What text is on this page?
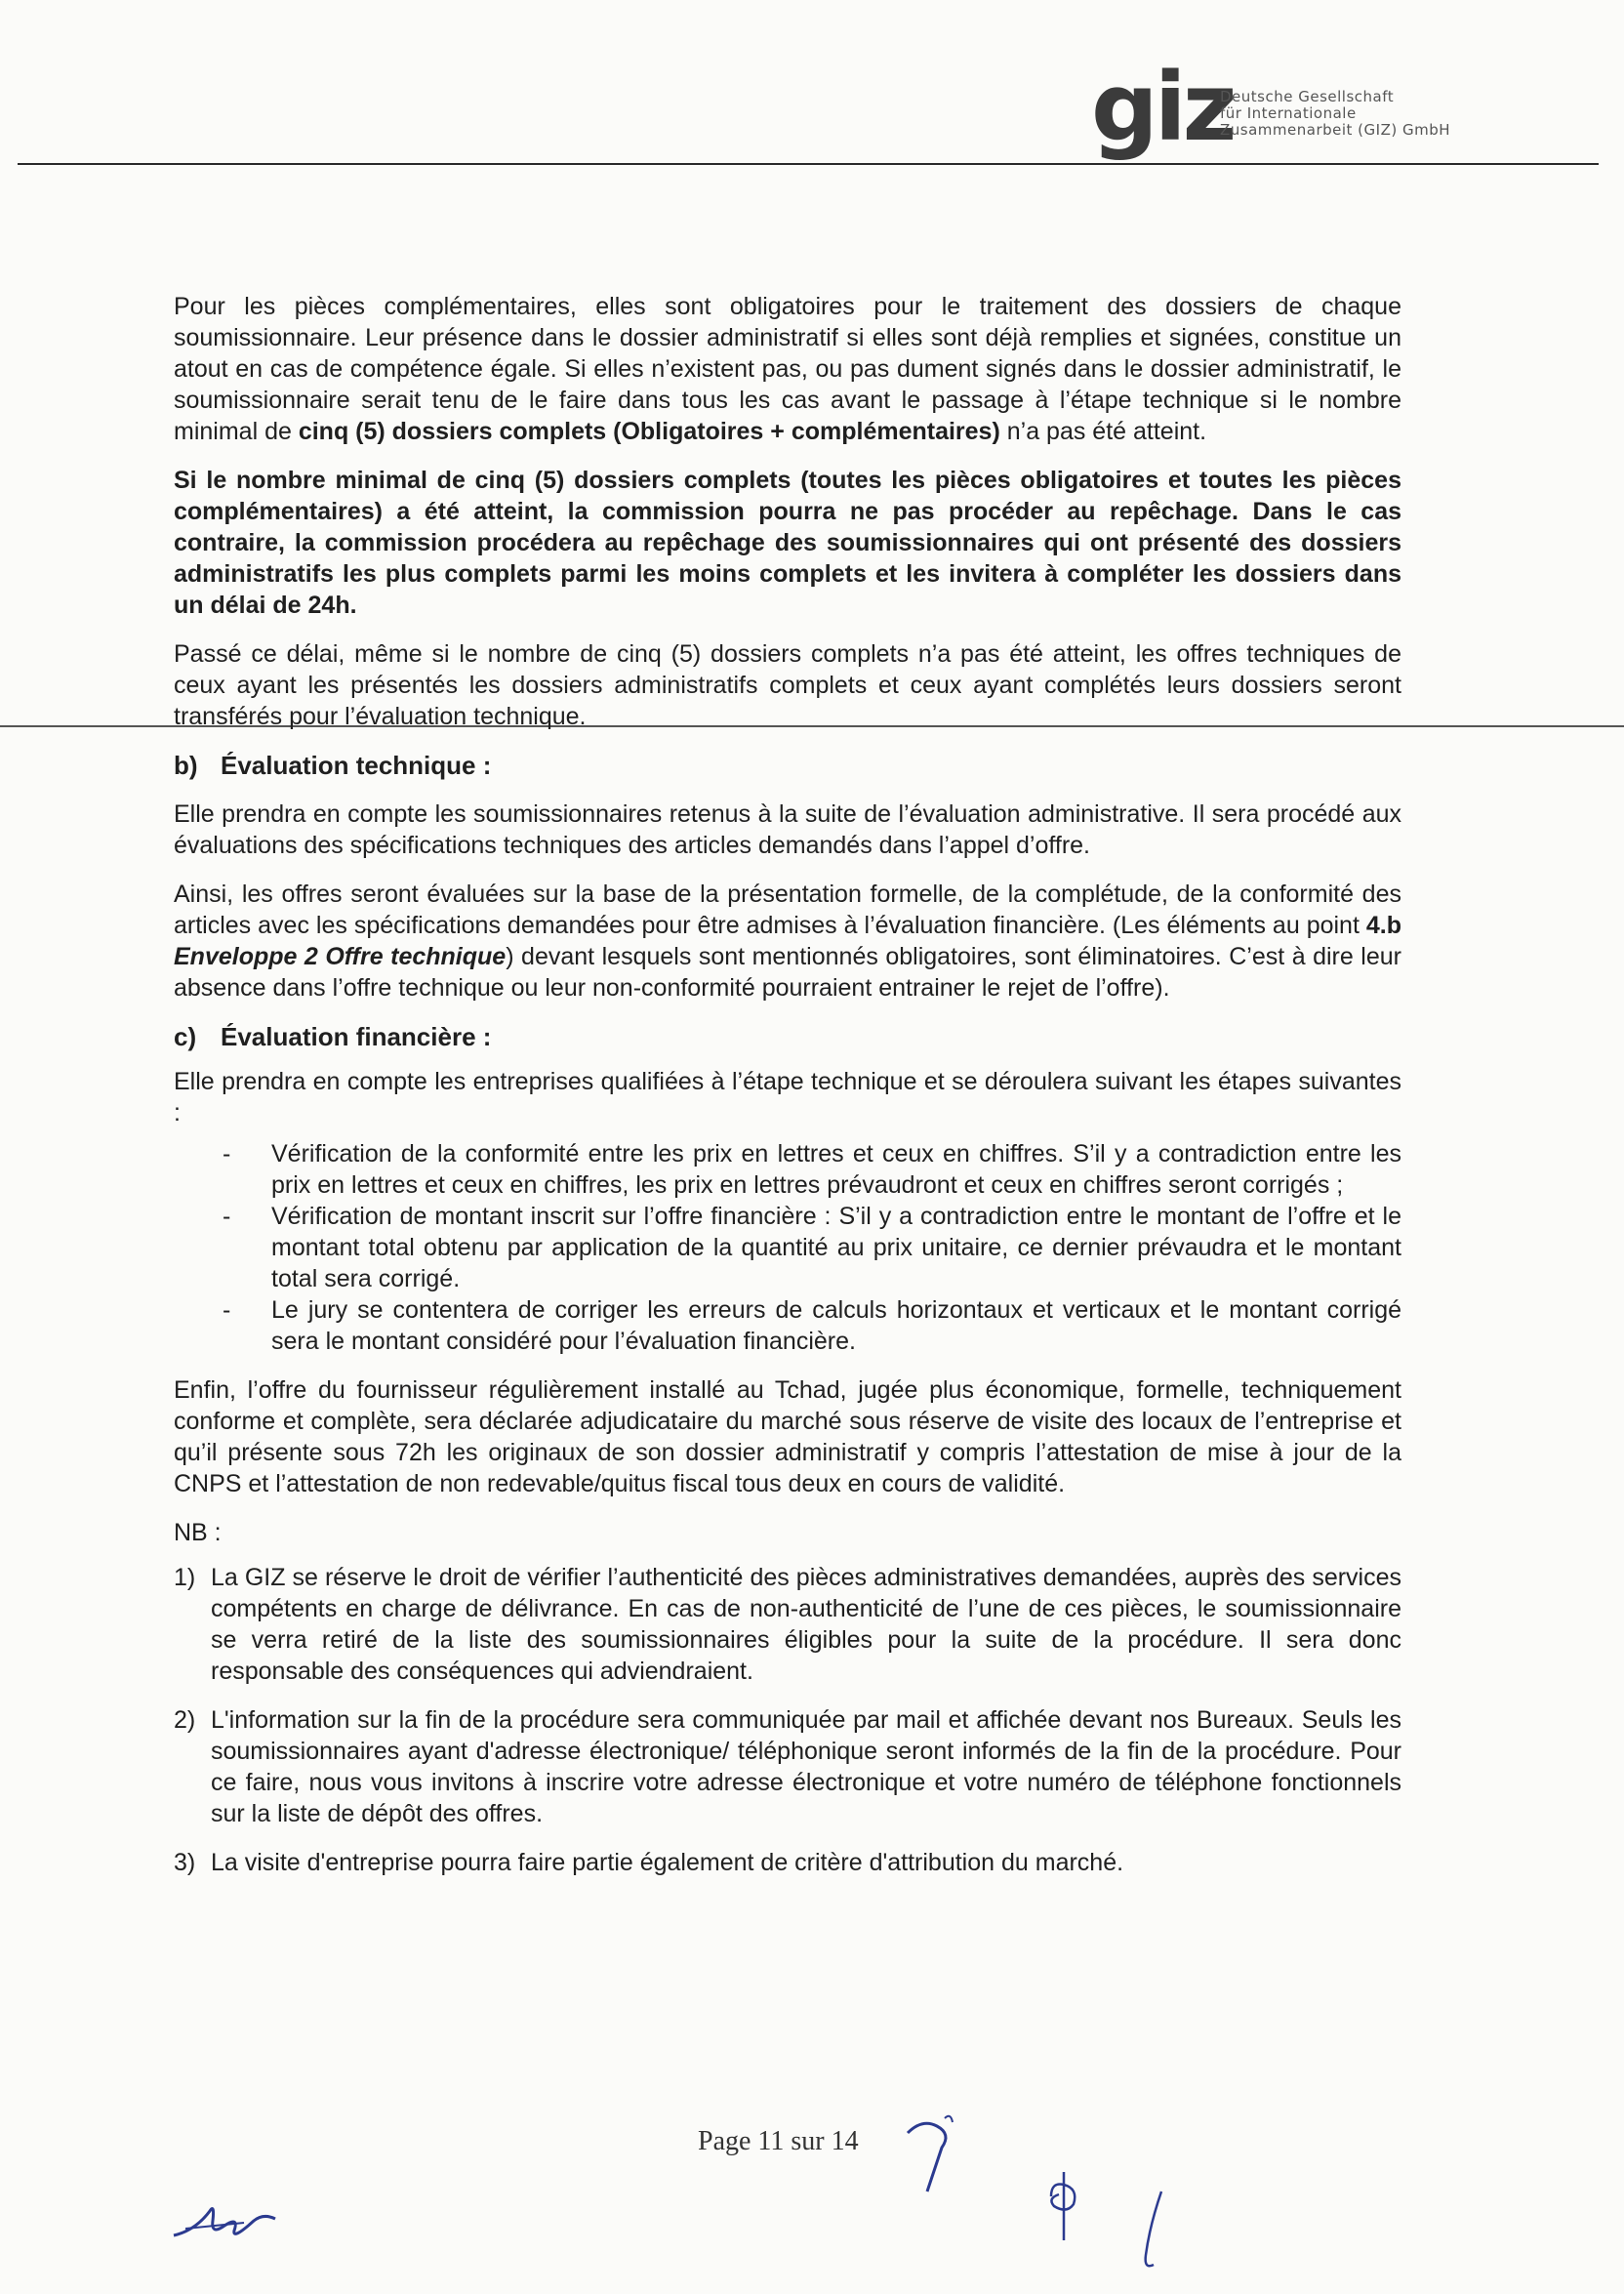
giz
Deutsche Gesellschaft
für Internationale
Zusammenarbeit (GIZ) GmbH

Pour les pièces complémentaires, elles sont obligatoires pour le traitement des dossiers de chaque soumissionnaire. Leur présence dans le dossier administratif si elles sont déjà remplies et signées, constitue un atout en cas de compétence égale. Si elles n’existent pas, ou pas dument signés dans le dossier administratif, le soumissionnaire serait tenu de le faire dans tous les cas avant le passage à l’étape technique si le nombre minimal de cinq (5) dossiers complets (Obligatoires + complémentaires) n’a pas été atteint.

Si le nombre minimal de cinq (5) dossiers complets (toutes les pièces obligatoires et toutes les pièces complémentaires) a été atteint, la commission pourra ne pas procéder au repêchage. Dans le cas contraire, la commission procédera au repêchage des soumissionnaires qui ont présenté des dossiers administratifs les plus complets parmi les moins complets et les invitera à compléter les dossiers dans un délai de 24h.

Passé ce délai, même si le nombre de cinq (5) dossiers complets n’a pas été atteint, les offres techniques de ceux ayant les présentés les dossiers administratifs complets et ceux ayant complétés leurs dossiers seront transférés pour l’évaluation technique.

b) Évaluation technique :

Elle prendra en compte les soumissionnaires retenus à la suite de l’évaluation administrative. Il sera procédé aux évaluations des spécifications techniques des articles demandés dans l’appel d’offre.

Ainsi, les offres seront évaluées sur la base de la présentation formelle, de la complétude, de la conformité des articles avec les spécifications demandées pour être admises à l’évaluation financière. (Les éléments au point 4.b Enveloppe 2 Offre technique) devant lesquels sont mentionnés obligatoires, sont éliminatoires. C’est à dire leur absence dans l’offre technique ou leur non-conformité pourraient entrainer le rejet de l’offre).

c) Évaluation financière :

Elle prendra en compte les entreprises qualifiées à l’étape technique et se déroulera suivant les étapes suivantes :

- Vérification de la conformité entre les prix en lettres et ceux en chiffres. S’il y a contradiction entre les prix en lettres et ceux en chiffres, les prix en lettres prévaudront et ceux en chiffres seront corrigés ;
- Vérification de montant inscrit sur l’offre financière : S’il y a contradiction entre le montant de l’offre et le montant total obtenu par application de la quantité au prix unitaire, ce dernier prévaudra et le montant total sera corrigé.
- Le jury se contentera de corriger les erreurs de calculs horizontaux et verticaux et le montant corrigé sera le montant considéré pour l’évaluation financière.

Enfin, l’offre du fournisseur régulièrement installé au Tchad, jugée plus économique, formelle, techniquement conforme et complète, sera déclarée adjudicataire du marché sous réserve de visite des locaux de l’entreprise et qu’il présente sous 72h les originaux de son dossier administratif y compris l’attestation de mise à jour de la CNPS et l’attestation de non redevable/quitus fiscal tous deux en cours de validité.

NB :

1) La GIZ se réserve le droit de vérifier l’authenticité des pièces administratives demandées, auprès des services compétents en charge de délivrance. En cas de non-authenticité de l’une de ces pièces, le soumissionnaire se verra retiré de la liste des soumissionnaires éligibles pour la suite de la procédure. Il sera donc responsable des conséquences qui adviendraient.
2) L'information sur la fin de la procédure sera communiquée par mail et affichée devant nos Bureaux. Seuls les soumissionnaires ayant d'adresse électronique/ téléphonique seront informés de la fin de la procédure. Pour ce faire, nous vous invitons à inscrire votre adresse électronique et votre numéro de téléphone fonctionnels sur la liste de dépôt des offres.
3) La visite d'entreprise pourra faire partie également de critère d'attribution du marché.
Page 11 sur 14
